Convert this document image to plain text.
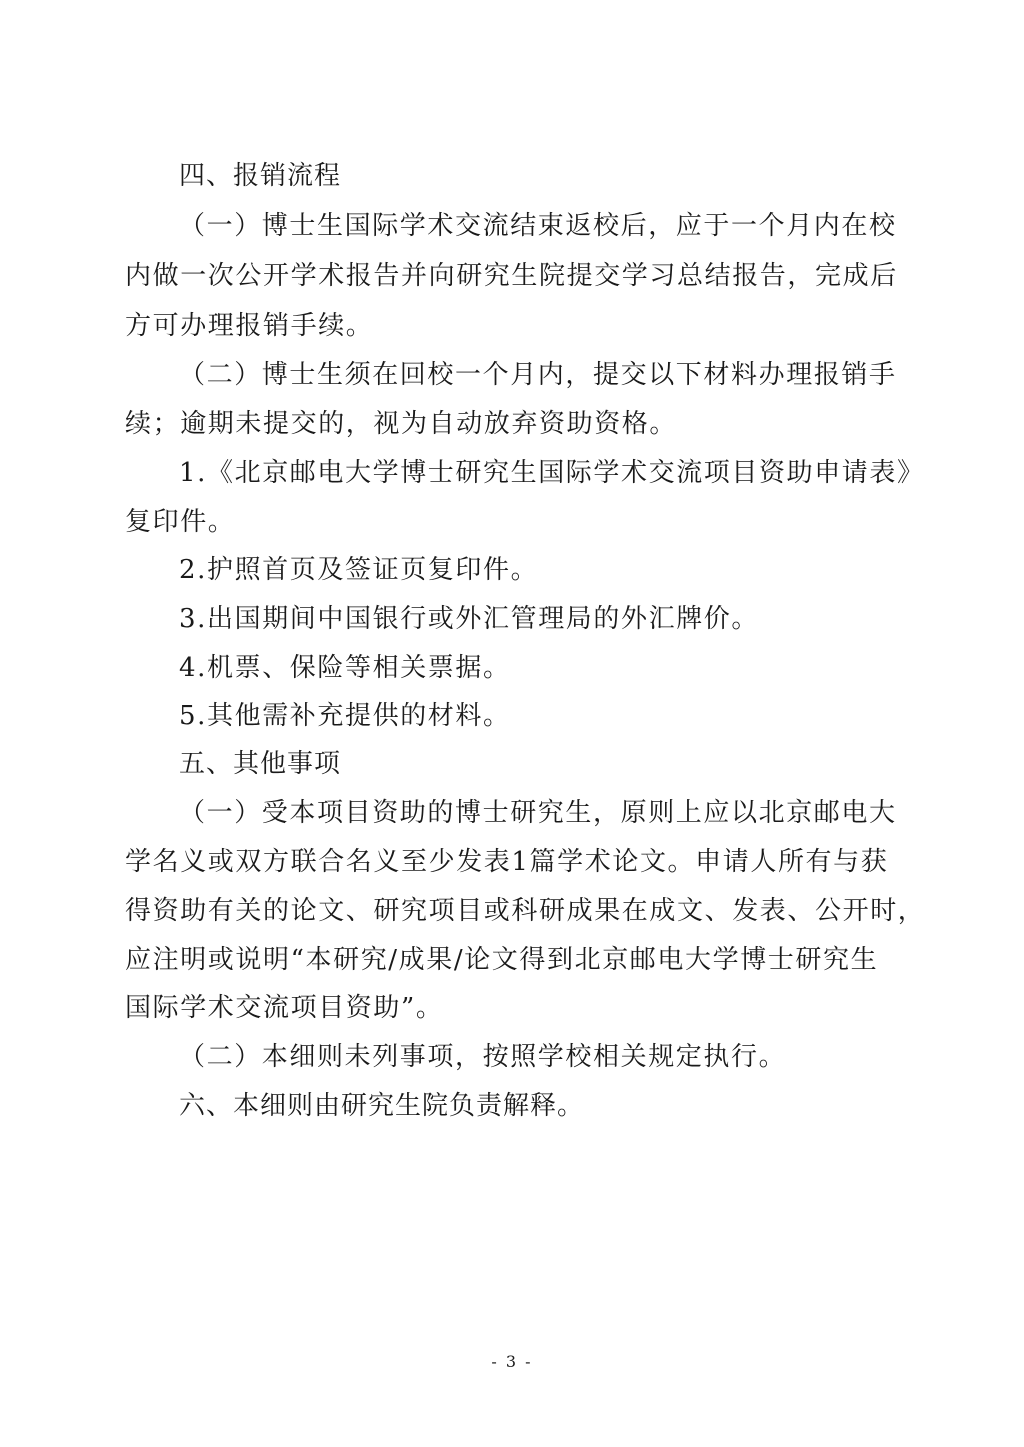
四、报销流程
（一）博士生国际学术交流结束返校后，应于一个月内在校
内做一次公开学术报告并向研究生院提交学习总结报告，完成后
方可办理报销手续。
（二）博士生须在回校一个月内，提交以下材料办理报销手
续；逾期未提交的，视为自动放弃资助资格。
1.《北京邮电大学博士研究生国际学术交流项目资助申请表》
复印件。
2.护照首页及签证页复印件。
3.出国期间中国银行或外汇管理局的外汇牌价。
4.机票、保险等相关票据。
5.其他需补充提供的材料。
五、其他事项
（一）受本项目资助的博士研究生，原则上应以北京邮电大
学名义或双方联合名义至少发表1篇学术论文。申请人所有与获
得资助有关的论文、研究项目或科研成果在成文、发表、公开时，
应注明或说明“本研究/成果/论文得到北京邮电大学博士研究生
国际学术交流项目资助”。
（二）本细则未列事项，按照学校相关规定执行。
六、本细则由研究生院负责解释。
- 3 -
